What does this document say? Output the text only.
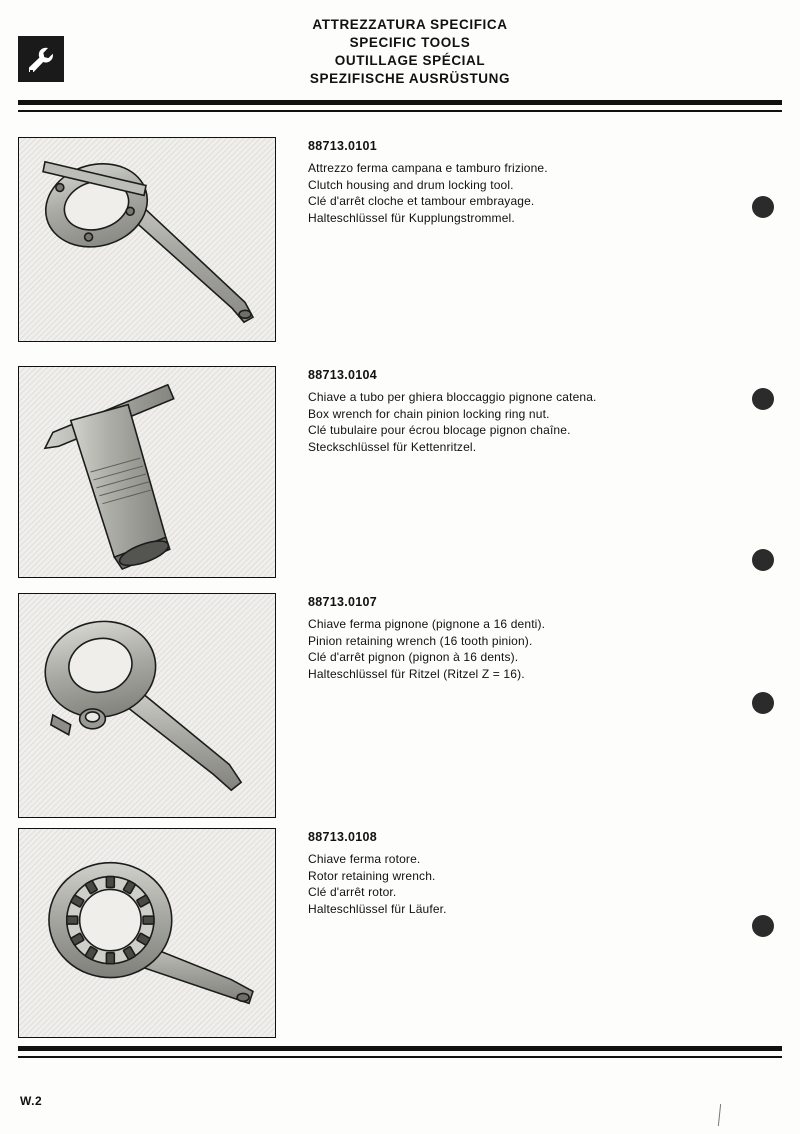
ATTREZZATURA SPECIFICA
SPECIFIC TOOLS
OUTILLAGE SPÉCIAL
SPEZIFISCHE AUSRÜSTUNG
88713.0101
Attrezzo ferma campana e tamburo frizione.
Clutch housing and drum locking tool.
Clé d'arrêt cloche et tambour embrayage.
Halteschlüssel für Kupplungstrommel.
88713.0104
Chiave a tubo per ghiera bloccaggio pignone catena.
Box wrench for chain pinion locking ring nut.
Clé tubulaire pour écrou blocage pignon chaîne.
Steckschlüssel für Kettenritzel.
88713.0107
Chiave ferma pignone (pignone a 16 denti).
Pinion retaining wrench (16 tooth pinion).
Clé d'arrêt pignon (pignon à 16 dents).
Halteschlüssel für Ritzel (Ritzel Z = 16).
88713.0108
Chiave ferma rotore.
Rotor retaining wrench.
Clé d'arrêt rotor.
Halteschlüssel für Läufer.
W.2
